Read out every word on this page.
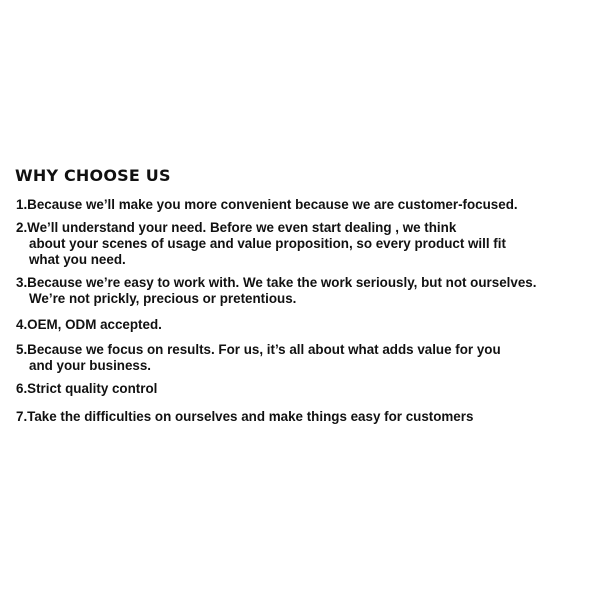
WHY CHOOSE US

1.Because we’ll make you more convenient because we are customer-focused.

2.We’ll understand your need. Before we even start dealing , we think
about your scenes of usage and value proposition, so every product will fit
what you need.

3.Because we’re easy to work with. We take the work seriously, but not ourselves.
We’re not prickly, precious or pretentious.

4.OEM, ODM accepted.

5.Because we focus on results. For us, it’s all about what adds value for you
and your business.

6.Strict quality control

7.Take the difficulties on ourselves and make things easy for customers
